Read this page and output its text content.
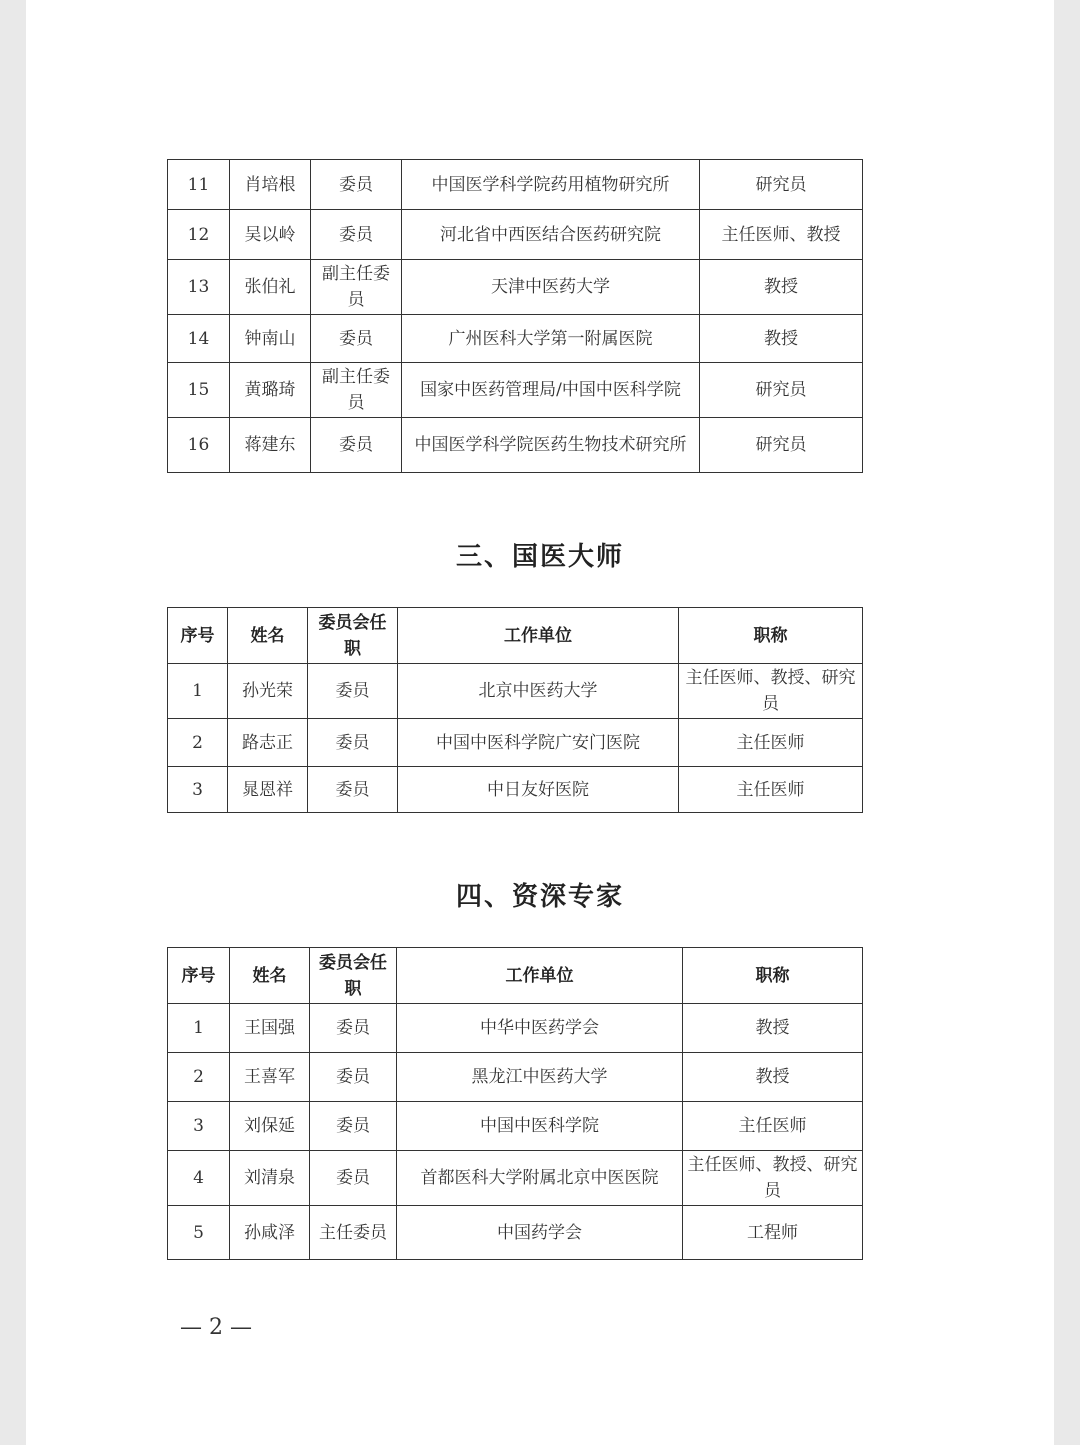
11	肖培根	委员	中国医学科学院药用植物研究所	研究员
12	吴以岭	委员	河北省中西医结合医药研究院	主任医师、教授
13	张伯礼	副主任委员	天津中医药大学	教授
14	钟南山	委员	广州医科大学第一附属医院	教授
15	黄璐琦	副主任委员	国家中医药管理局/中国中医科学院	研究员
16	蒋建东	委员	中国医学科学院医药生物技术研究所	研究员
三、国医大师
序号	姓名	委员会任职	工作单位	职称
1	孙光荣	委员	北京中医药大学	主任医师、教授、研究员
2	路志正	委员	中国中医科学院广安门医院	主任医师
3	晁恩祥	委员	中日友好医院	主任医师
四、资深专家
序号	姓名	委员会任职	工作单位	职称
1	王国强	委员	中华中医药学会	教授
2	王喜军	委员	黑龙江中医药大学	教授
3	刘保延	委员	中国中医科学院	主任医师
4	刘清泉	委员	首都医科大学附属北京中医医院	主任医师、教授、研究员
5	孙咸泽	主任委员	中国药学会	工程师
— 2 —
